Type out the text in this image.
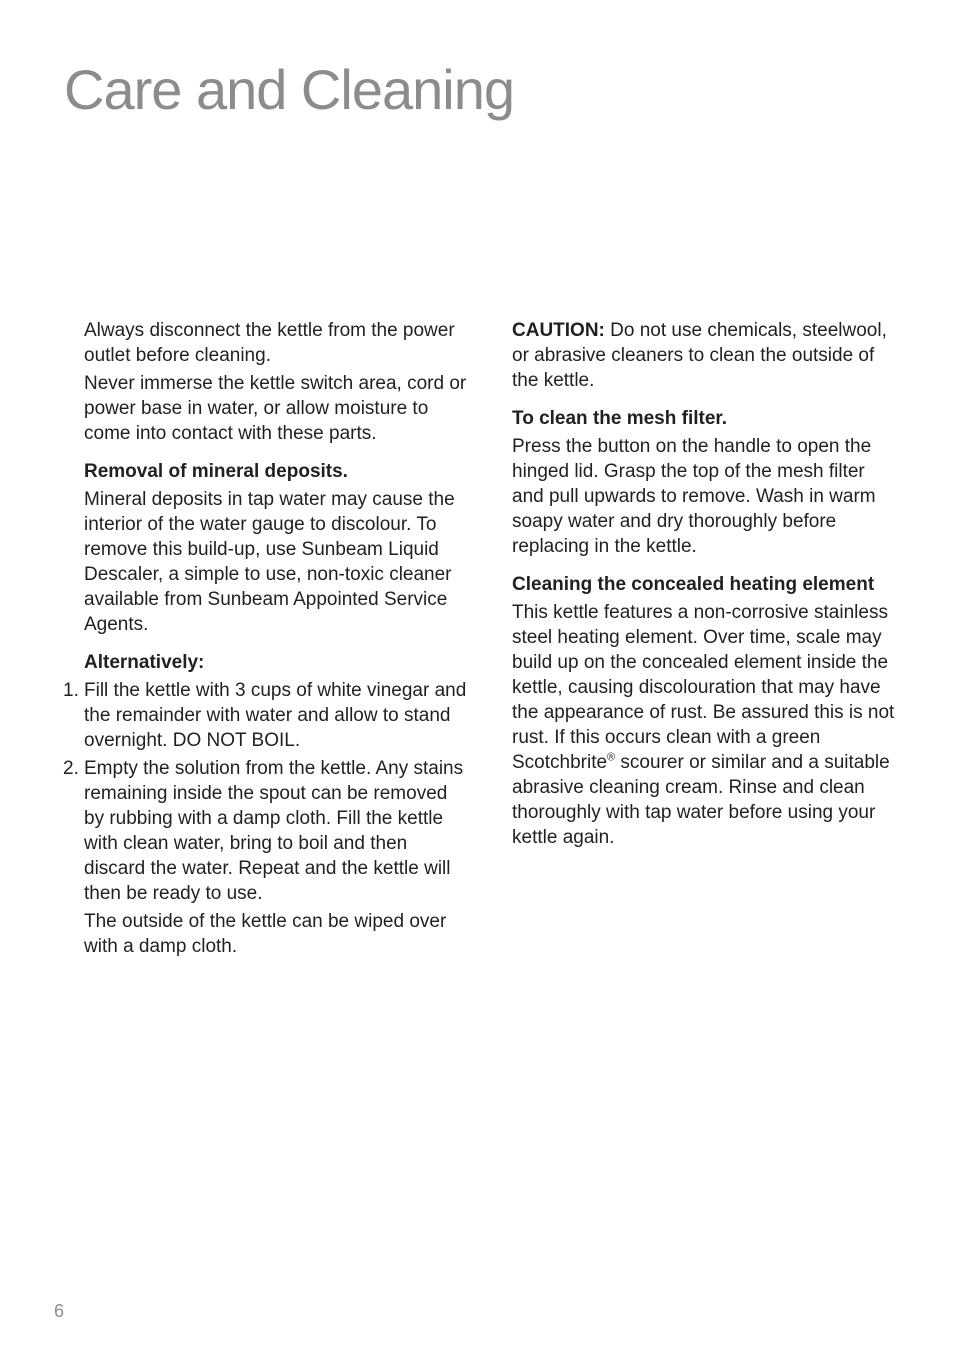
Care and Cleaning

Always disconnect the kettle from the power outlet before cleaning.

Never immerse the kettle switch area, cord or power base in water, or allow moisture to come into contact with these parts.

Removal of mineral deposits.

Mineral deposits in tap water may cause the interior of the water gauge to discolour. To remove this build-up, use Sunbeam Liquid Descaler, a simple to use, non-toxic cleaner available from Sunbeam Appointed Service Agents.

Alternatively:

1. Fill the kettle with 3 cups of white vinegar and the remainder with water and allow to stand overnight. DO NOT BOIL.
2. Empty the solution from the kettle. Any stains remaining inside the spout can be removed by rubbing with a damp cloth. Fill the kettle with clean water, bring to boil and then discard the water. Repeat and the kettle will then be ready to use.

The outside of the kettle can be wiped over with a damp cloth.

CAUTION: Do not use chemicals, steelwool, or abrasive cleaners to clean the outside of the kettle.

To clean the mesh filter.

Press the button on the handle to open the hinged lid. Grasp the top of the mesh filter and pull upwards to remove. Wash in warm soapy water and dry thoroughly before replacing in the kettle.

Cleaning the concealed heating element

This kettle features a non-corrosive stainless steel heating element. Over time, scale may build up on the concealed element inside the kettle, causing discolouration that may have the appearance of rust. Be assured this is not rust. If this occurs clean with a green Scotchbrite® scourer or similar and a suitable abrasive cleaning cream. Rinse and clean thoroughly with tap water before using your kettle again.

6
